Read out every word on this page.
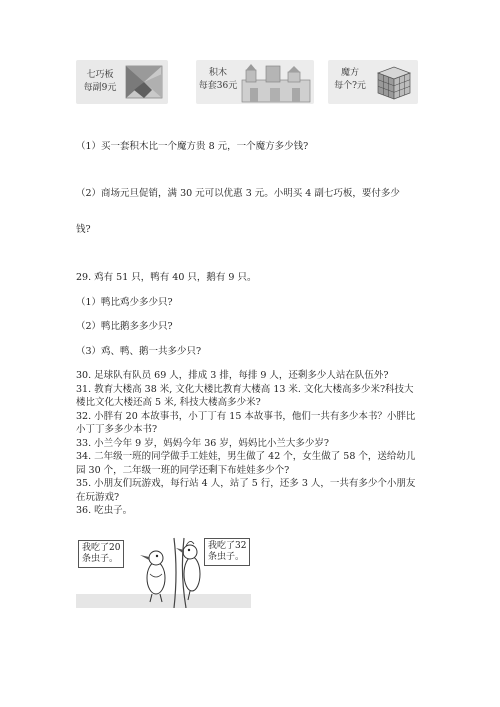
七巧板
每副9元
积木
每套36元
魔方
每个?元
（1）买一套积木比一个魔方贵 8 元，一个魔方多少钱?
（2）商场元旦促销，满 30 元可以优惠 3 元。小明买 4 副七巧板，要付多少
钱?
29. 鸡有 51 只，鸭有 40 只，鹅有 9 只。
（1）鸭比鸡少多少只?
（2）鸭比鹅多多少只?
（3）鸡、鸭、鹅一共多少只?
30. 足球队有队员 69 人，排成 3 排，每排 9 人，还剩多少人站在队伍外?
31. 教育大楼高 38 米, 文化大楼比教育大楼高 13 米. 文化大楼高多少米?科技大
楼比文化大楼还高 5 米, 科技大楼高多少米?
32. 小胖有 20 本故事书，小丁丁有 15 本故事书，他们一共有多少本书？小胖比
小丁丁多多少本书?
33. 小兰今年 9 岁，妈妈今年 36 岁，妈妈比小兰大多少岁?
34. 二年级一班的同学做手工娃娃，男生做了 42 个，女生做了 58 个，送给幼儿
园 30 个，二年级一班的同学还剩下布娃娃多少个?
35. 小朋友们玩游戏，每行站 4 人，站了 5 行，还多 3 人，一共有多少个小朋友
在玩游戏?
36. 吃虫子。
我吃了20
条虫子。
我吃了32
条虫子。
